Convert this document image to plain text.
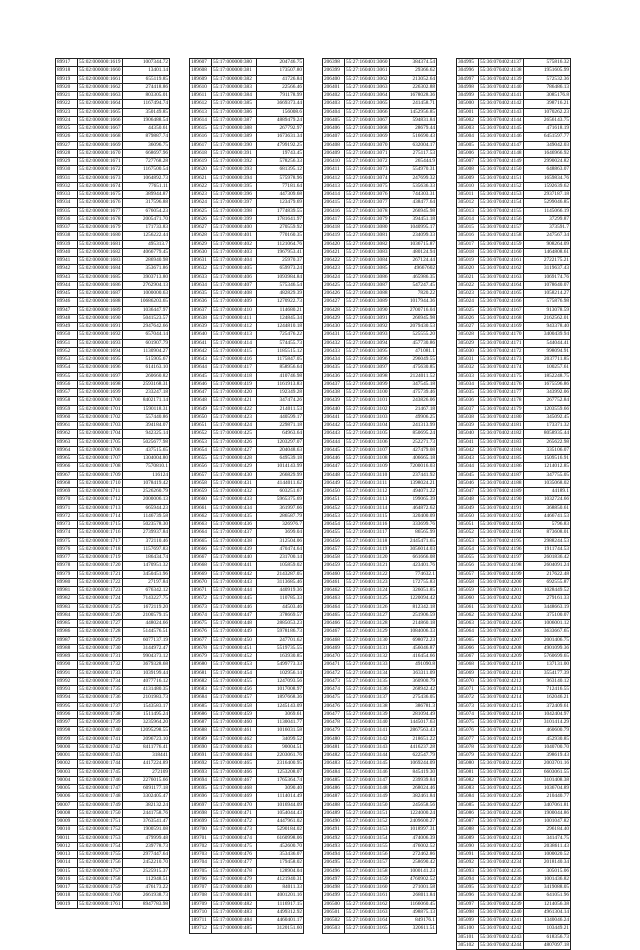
89917	55:02:000000:1619	1007344.72
89918	55:02:000000:1660	13401.14
89919	55:02:000000:1661	655119.85
89920	55:02:000000:1662	274418.86
89921	55:02:000000:1663	803305.01
89922	55:02:000000:1664	1167494.74
89923	55:02:000000:1665	350149.85
89924	55:02:000000:1666	1906488.54
89925	55:02:000000:1667	44350.61
89926	55:02:000000:1668	879887.74
89927	55:02:000000:1669	36096.75
89928	55:02:000000:1670	668697.96
89929	55:02:000000:1671	727768.28
89930	55:02:000000:1672	1167500.54
89931	55:02:000000:1673	1064892.73
89932	55:02:000000:1674	77651.11
89933	55:02:000000:1675	389944.87
89934	55:02:000000:1676	317596.88
89935	55:02:000000:1677	676054.23
89936	55:02:000000:1678	2005471.70
89937	55:02:000000:1679	171733.83
89938	55:02:000000:1680	1256222.44
89939	55:02:000000:1681	495313.7
89940	55:02:000000:1682	4066779.45
89941	55:02:000000:1683	286940.98
89942	55:02:000000:1684	353671.86
89943	55:02:000000:1685	3903713.80
89944	55:02:000000:1686	2762904.13
89945	55:02:000000:1687	1000000.63
89946	55:02:000000:1688	10686203.65
89947	55:02:000000:1689	1036447.97
89948	55:02:000000:1690	5041523.57
89949	55:02:000000:1691	2947642.66
89950	55:02:000000:1692	657044.14
89951	55:02:000000:1693	601907.79
89952	55:02:000000:1694	1130904.27
89953	55:02:000000:1695	515905.67
89954	55:02:000000:1696	614163.10
89955	55:02:000000:1697	260660.82
89956	55:02:000000:1698	2593168.31
89957	55:02:000000:1699	233247.18
89958	55:02:000000:1700	8402171.14
89959	55:02:000000:1701	1590118.31
89960	55:02:000000:1702	557440.86
89961	55:02:000000:1703	394184.07
89962	55:02:000000:1704	942325.14
89963	55:02:000000:1705	5025677.98
89964	55:02:000000:1706	437515.65
89965	55:02:000000:1707	1304004.80
89966	55:02:000000:1708	7570810.1
89967	55:02:000000:1709	116124
89968	55:02:000000:1710	1078419.42
89969	55:02:000000:1711	2526260.79
89970	55:02:000000:1712	2000006.13
89971	55:02:000000:1713	665944.23
89972	55:02:000000:1714	1146739.58
89973	55:02:000000:1715	5023578.30
89974	55:02:000000:1716	2739937.84
89975	55:02:000000:1717	372110.46
89976	55:02:000000:1718	1157697.83
89977	55:02:000000:1719	186434.74
89978	55:02:000000:1720	1470951.32
89979	55:02:000000:1721	3450451.96
89980	55:02:000000:1722	27197.84
89981	55:02:000000:1723	676342.12
89982	55:02:000000:1724	7143227.75
89983	55:02:000000:1725	1672119.20
89984	55:02:000000:1726	2100579.15
89985	55:02:000000:1727	448024.66
89986	55:02:000000:1728	5144576.51
89987	55:02:000000:1729	6077137.19
89988	55:02:000000:1730	3144972.47
89989	55:02:000000:1731	9904373.12
89990	55:02:000000:1732	3679328.68
89991	55:02:000000:1733	1039199.44
89992	55:02:000000:1734	4077716.12
89993	55:02:000000:1735	4131480.35
89994	55:02:000000:1736	2101983.73
89995	55:02:000000:1737	1543583.17
89996	55:02:000000:1738	1511495.24
89997	55:02:000000:1739	3235964.20
89998	55:02:000000:1740	12095298.55
89999	55:02:000000:1741	2096723.10
90000	55:02:000000:1742	8411776.41
90001	55:02:000000:1743	318441
90002	55:02:000000:1744	4417224.89
90003	55:02:000000:1745	272109
90004	55:02:000000:1746	2276015.66
90005	55:02:000000:1747	6091177.18
90006	55:02:000000:1748	3302405.47
90007	55:02:000000:1749	382132.24
90008	55:02:000000:1750	2441758.76
90009	55:02:000000:1751	3763541.47
90010	55:02:000000:1752	1900591.08
90011	55:02:000000:1753	479999.48
90012	55:02:000000:1754	239778.73
90013	55:02:000000:1755	2977447.64
90014	55:02:000000:1756	2452210.70
90015	55:02:000000:1757	2525915.37
90016	55:02:000000:1758	112948.51
90017	55:02:000000:1759	476173.22
90018	55:02:000000:1760	2661938.73
90019	55:02:000000:1761	8947783.98
189607	55:17:000000:380	204746.75
189608	55:17:000000:381	173507.80
189609	55:17:000000:382	41726.84
189610	55:17:000000:383	22566.46
189611	55:17:000000:384	791178.99
189612	55:17:000000:385	3669373.44
189613	55:17:000000:386	156008.6
189614	55:17:000000:387	4889479.24
189615	55:17:000000:388	267792.97
189616	55:17:000000:389	1673631.34
189617	55:17:000000:390	4799192.25
189618	55:17:000000:391	19743.45
189619	55:17:000000:392	578256.33
189620	55:17:000000:393	681395.12
189621	55:17:000000:394	575978.96
189622	55:17:000000:395	77181.64
189623	55:17:000000:396	447309.68
189624	55:17:000000:397	123479.69
189625	55:17:000000:398	1774839.55
189626	55:17:000000:399	1781641.97
189627	55:17:000000:400	270559.92
189628	55:17:000000:401	770160.35
189629	55:17:000000:402	1121064.76
189630	55:17:000000:403	1967953.41
189631	55:17:000000:404	25970.37
189632	55:17:000000:405	659973.24
189633	55:17:000000:406	1093984.84
189634	55:17:000000:407	575346.54
189635	55:17:000000:408	482829.39
189636	55:17:000000:409	1270922.73
189637	55:17:000000:410	114680.21
189638	55:17:000000:411	124845.34
189639	55:17:000000:412	1244810.18
189640	55:17:000000:413	725476.22
189641	55:17:000000:414	574455.73
189642	55:17:000000:415	1185515.12
189643	55:17:000000:416	1175847.05
189644	55:17:000000:417	858956.64
189645	55:17:000000:418	410746.98
189646	55:17:000000:419	1161913.83
189647	55:17:000000:420	192349.28
189648	55:17:000000:421	347474.26
189649	55:17:000000:422	214011.53
189650	55:17:000000:423	440599.17
189651	55:17:000000:424	229871.18
189652	55:17:000000:425	64963.64
189653	55:17:000000:426	1203297.07
189654	55:17:000000:427	204048.63
189655	55:17:000000:428	649539.18
189656	55:17:000000:429	1014143.99
189657	55:17:000000:430	266829.99
189658	55:17:000000:431	4144011.62
189659	55:17:000000:432	603251.67
189660	55:17:000000:433	5965375.69
189661	55:17:000000:434	361997.66
189662	55:17:000000:435	286587.79
189663	55:17:000000:436	326976.7
189664	55:17:000000:437	3699.04
189665	55:17:000000:438	312504.06
189666	55:17:000000:439	470474.64
189667	55:17:000000:440	231700.14
189668	55:17:000000:441	105859.02
189669	55:17:000000:442	2143287.05
189670	55:17:000000:443	3113685.46
189671	55:17:000000:444	440919.36
189672	55:17:000000:445	110785.33
189673	55:17:000000:446	44503.46
189674	55:17:000000:447	378669.57
189675	55:17:000000:448	2885053.23
189676	55:17:000000:449	5978186.73
189677	55:17:000000:450	247701.62
189678	55:17:000000:451	5519735.55
189679	55:17:000000:452	163930.85
189680	55:17:000000:453	5499773.33
189681	55:17:000000:454	102956.14
189682	55:17:000000:455	1247093.56
189683	55:17:000000:456	1017008.97
189684	55:17:000000:457	1897668.36
189685	55:17:000000:458	1245143.09
189686	55:17:000000:459	3069.61
189687	55:17:000000:460	1130041.77
189688	55:17:000000:461	1016031.58
189689	55:17:000000:462	34099.52
189690	55:17:000000:463	90004.51
189691	55:17:000000:464	2203061.76
189692	55:17:000000:465	2316400.95
189693	55:17:000000:466	1253208.07
189694	55:17:000000:467	1765364.74
189695	55:17:000000:468	3090.40
189696	55:17:000000:469	1114014.49
189697	55:17:000000:470	1016944.09
189698	55:17:000000:471	1054044.43
189699	55:17:000000:472	4447961.02
189700	55:17:000000:473	5290184.02
189701	55:17:000000:474	6160998.06
189702	55:17:000000:475	452600.70
189703	55:17:000000:476	353436.07
189704	55:17:000000:477	179458.02
189705	55:17:000000:478	128904.04
189706	55:17:000000:479	4121940.31
189707	55:17:000000:480	84011.33
189708	55:17:000000:481	4001201.16
189709	55:17:000000:482	1116917.15
189710	55:17:000000:483	4499312.92
189711	55:17:000000:484	4460401.17
189712	55:17:000000:485	3120151.60
206398	55:27:160401:3060	384374.54
206399	55:27:160401:3061	29366.62
206400	55:27:160401:3062	213052.64
206401	55:27:160401:3063	226302.88
206402	55:27:160401:3064	1678028.36
206403	55:27:160401:3065	241458.71
206404	55:27:160401:3066	1452956.85
206405	55:27:160401:3067	594831.84
206406	55:27:160401:3068	28679.44
206407	55:27:160401:3069	516690.43
206408	55:27:160401:3070	632004.17
206409	55:27:160401:3071	275117.53
206410	55:27:160401:3072	265444.9
206411	55:27:160401:3073	554970.31
206412	55:27:160401:3074	247699.32
206413	55:27:160401:3075	535636.33
206414	55:27:160401:3076	744303.31
206415	55:27:160401:3077	438477.64
206416	55:27:160401:3078	266945.98
206417	55:27:160401:3079	394451.18
206418	55:27:160401:3080	1040995.17
206419	55:27:160401:3081	234099.33
206420	55:27:160401:3082	1036715.87
206421	55:27:160401:3083	480124.94
206422	55:27:160401:3084	267124.44
206423	55:27:160401:3085	49667602
206424	55:27:160401:3086	465986.35
206425	55:27:160401:3087	547247.45
206426	55:27:160401:3088	7820.22
206427	55:27:160401:3089	1017944.36
206428	55:27:160401:3090	2700716.04
206429	55:27:160401:3091	266945.98
206430	55:27:160401:3092	2079430.53
206431	55:27:160401:3093	525555.20
206432	55:27:160401:3094	457730.86
206433	55:27:160401:3095	471081.1
206434	55:27:160401:3096	296049.55
206435	55:27:160401:3097	475630.85
206436	55:27:160401:3098	2124011.52
206437	55:27:160401:3099	347545.18
206438	55:27:160401:3100	475739.46
206439	55:27:160401:3101	243826.06
206440	55:27:160401:3102	21467.18
206441	55:27:160401:3103	49906.25
206442	55:27:160401:3104	241313.99
206443	55:27:160401:3105	850695.24
206444	55:27:160401:3106	252271.73
206445	55:27:160401:3107	427479.08
206446	55:27:160401:3108	406665.18
206447	55:27:160401:3109	7200016.03
206448	55:27:160401:3110	237441.92
206449	55:27:160401:3111	1398024.21
206450	55:27:160401:3112	494071.22
206451	55:27:160401:3113	199065.39
206452	55:27:160401:3114	464872.62
206453	55:27:160401:3115	320400.09
206454	55:27:160401:3116	333699.76
206455	55:27:160401:3117	86565.99
206456	55:27:160401:3118	2445471.65
206457	55:27:160401:3119	3056014.03
206458	55:27:160401:3120	661666.08
206459	55:27:160401:3121	423401.76
206460	55:27:160401:3122	774632.1
206461	55:27:160401:3123	172755.83
206462	55:27:160401:3124	326051.85
206463	55:27:160401:3125	1220094.42
206464	55:27:160401:3126	812342.18
206465	55:27:160401:3127	251906.59
206466	55:27:160401:3128	214860.18
206467	55:27:160401:3129	1084006.33
206468	55:27:160401:3130	698072.23
206469	55:27:160401:3131	456046.87
206470	55:27:160401:3132	416454.66
206471	55:27:160401:3133	491090.8
206472	55:27:160401:3134	363311.09
206473	55:27:160401:3135	360900.79
206474	55:27:160401:3136	268942.42
206475	55:27:160401:3137	275436.05
206476	55:27:160401:3138	386781.3
206477	55:27:160401:3139	281094.49
206478	55:27:160401:3140	1445017.63
206479	55:27:160401:3141	2867563.43
206480	55:27:160401:3142	218651.22
206481	55:27:160401:3143	4416237.28
206482	55:27:160401:3144	622547.79
206483	55:27:160401:3145	1069244.09
206484	55:27:160401:3146	845419.30
206485	55:27:160401:3147	239939.84
206486	55:27:160401:3148	268024.46
206487	55:27:160401:3149	382461.84
206488	55:27:160401:3150	245658.56
206489	55:27:160401:3151	1224000.24
206490	55:27:160401:3152	2409600.27
206491	55:27:160401:3153	1018997.31
206492	55:27:160401:3154	474006.39
206493	55:27:160401:3155	476002.52
206494	55:27:160401:3156	272462.86
206495	55:27:160401:3157	258690.42
206496	55:27:160401:3158	1000141.23
206497	55:27:160401:3159	4760902.52
206498	55:27:160401:3160	271001.58
206499	55:27:160401:3161	268011.84
206500	55:27:160401:3162	1166060.45
206501	55:27:160401:3163	498875.13
206502	55:27:160401:3164	849176.1
206503	55:27:160401:3165	320611.51
304995	55:36:070402:4137	575816.32
304996	55:36:070402:4138	1951605.99
304997	55:36:070402:4139	572532.36
304998	55:36:070402:4140	786486.13
304999	55:36:070402:4141	3085176.8
305000	55:36:070402:4142	398716.21
305001	55:36:070402:4143	1070262.23
305002	55:36:070402:4144	2656143.75
305003	55:36:070402:4145	471618.19
305004	55:36:070402:4146	6451597.77
305005	55:36:070402:4147	349042.03
305006	55:36:070402:4148	1646966.92
305007	55:36:070402:4149	2990024.82
305008	55:36:070402:4150	648863.07
305009	55:36:070402:4151	1659834.76
305010	55:36:070402:4152	1592639.62
305011	55:36:070402:4153	2937187.18
305012	55:36:070402:4154	5299046.85
305013	55:36:070402:4155	1145066.19
305014	55:36:070402:4156	37299.87
305015	55:36:070402:4157	373591.7
305016	55:36:070402:4158	247567.34
305017	55:36:070402:4159	908264.09
305018	55:36:070402:4160	1464808.61
305019	55:36:070402:4161	2722175.21
305020	55:36:070402:4162	3119637.43
305021	55:36:070402:4163	1069174.76
305022	55:36:070402:4164	1078640.07
305023	55:36:070402:4165	1058214.27
305024	55:36:070402:4166	575876.98
305025	55:36:070402:4167	913078.59
305026	55:36:070402:4168	2162562.01
305027	55:36:070402:4169	943378.40
305028	55:36:070402:4170	3400439.94
305029	55:36:070402:4171	544044.41
305030	55:36:070402:4172	998094.91
305031	55:36:070402:4173	2037711.85
305032	55:36:070402:4174	100257.61
305033	55:36:070402:4175	1852248.75
305034	55:36:070402:4176	1675596.86
305035	55:36:070402:4177	343992.06
305036	55:36:070402:4178	267752.84
305037	55:36:070402:4179	1203559.66
305038	55:36:070402:4180	345092.45
305039	55:36:070402:4181	173371.32
305040	55:36:070402:4182	8058935.44
305041	55:36:070402:4183	265622.98
305042	55:36:070402:4184	335106.07
305043	55:36:070402:4185	1509516.91
305044	55:36:070402:4186	1214012.85
305045	55:36:070402:4187	347755.05
305046	55:36:070402:4188	1035068.02
305047	55:36:070402:4189	44189.1
305048	55:36:070402:4190	1032724.66
305049	55:36:070402:4191	368850.61
305050	55:36:070402:4192	4466741.53
305051	55:36:070402:4193	5796.83
305052	55:36:070402:4194	873608.01
305053	55:36:070402:4195	2988244.53
305054	55:36:070402:4196	1911744.53
305055	55:36:070402:4197	2601836.42
305056	55:36:070402:4198	2604091.24
305057	55:36:070402:4199	217622.48
305058	55:36:070402:4200	692555.87
305059	55:36:070402:4201	1028449.52
305060	55:36:070402:4202	279161.33
305061	55:36:070402:4203	3448663.19
305062	55:36:070402:4204	375100.07
305063	55:36:070402:4205	1006001.12
305064	55:36:070402:4206	3633667.65
305065	55:36:070402:4207	2001406.75
305066	55:36:070402:4208	4901099.36
305067	55:36:070402:4209	5760699.65
305068	55:36:070402:4210	137131.00
305069	55:36:070402:4211	3554177.39
305070	55:36:070402:4212	963140.12
305071	55:36:070402:4213	712416.55
305072	55:36:070402:4214	162046.21
305073	55:36:070402:4215	372409.61
305074	55:36:070402:4216	1042404.97
305075	55:36:070402:4217	3101414.29
305076	55:36:070402:4218	460600.79
305077	55:36:070402:4219	452930.85
305078	55:36:070402:4220	1040700.70
305079	55:36:070402:4221	398619.43
305080	55:36:070402:4222	2003701.16
305081	55:36:070402:4223	6603061.55
305082	55:36:070402:4224	3101408.38
305083	55:36:070402:4225	1036704.89
305084	55:36:070402:4226	210440.77
305085	55:36:070402:4227	3407061.81
305086	55:36:070402:4228	1900044.86
305087	55:36:070402:4229	1001047.82
305088	55:36:070402:4230	296184.40
305089	55:36:070402:4231	341474.75
305090	55:36:070402:4232	2038611.43
305091	55:36:070402:4233	1000020.52
305092	55:36:070402:4234	2018140.34
305093	55:36:070402:4235	305015.06
305094	55:36:070402:4236	1001436.82
305095	55:36:070402:4237	3419088.05
305096	55:36:070402:4238	641051.96
305097	55:36:070402:4239	1214056.38
305098	55:36:070402:4240	4961304.14
305099	55:36:070402:4241	1340046.24
305100	55:36:070402:4242	103449.21
305101	55:36:070402:4243	618356.73
305102	55:36:070402:4244	4807097.18
